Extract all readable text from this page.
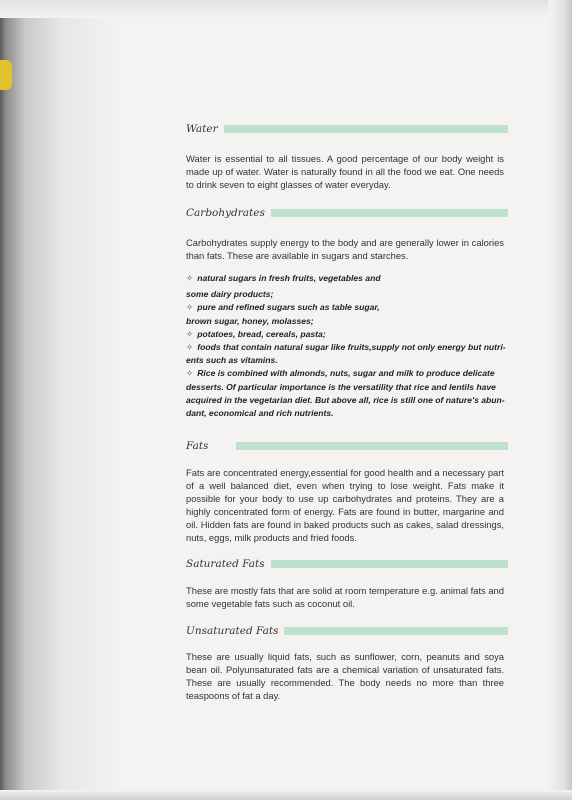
Water
Water is essential to all tissues. A good percentage of our body weight is made up of water. Water is naturally found in all the food we eat. One needs to drink seven to eight glasses of water everyday.
Carbohydrates
Carbohydrates supply energy to the body and are generally lower in calories than fats. These are available in sugars and starches.
✧ natural sugars in fresh fruits, vegetables and
some dairy products;
✧ pure and refined sugars such as table sugar,
brown sugar, honey, molasses;
✧ potatoes, bread, cereals, pasta;
✧ foods that contain natural sugar like fruits,supply not only energy but nutri-
ents such as vitamins.
✧ Rice is combined with almonds, nuts, sugar and milk to produce delicate
desserts. Of particular importance is the versatility that rice and lentils have
acquired in the vegetarian diet. But above all, rice is still one of nature's abun-
dant, economical and rich nutrients.
Fats
Fats are concentrated energy,essential for good health and a necessary part of a well balanced diet, even when trying to lose weight. Fats make it possible for your body to use up carbohydrates and proteins. They are a highly concentrated form of energy. Fats are found in butter, margarine and oil. Hidden fats are found in baked products such as cakes, salad dressings, nuts, eggs, milk products and fried foods.
Saturated Fats
These are mostly fats that are solid at room temperature e.g. animal fats and some vegetable fats such as coconut oil.
Unsaturated Fats
These are usually liquid fats, such as sunflower, corn, peanuts and soya bean oil. Polyunsaturated fats are a chemical variation of unsaturated fats. These are usually recommended. The body needs no more than three teaspoons of fat a day.
